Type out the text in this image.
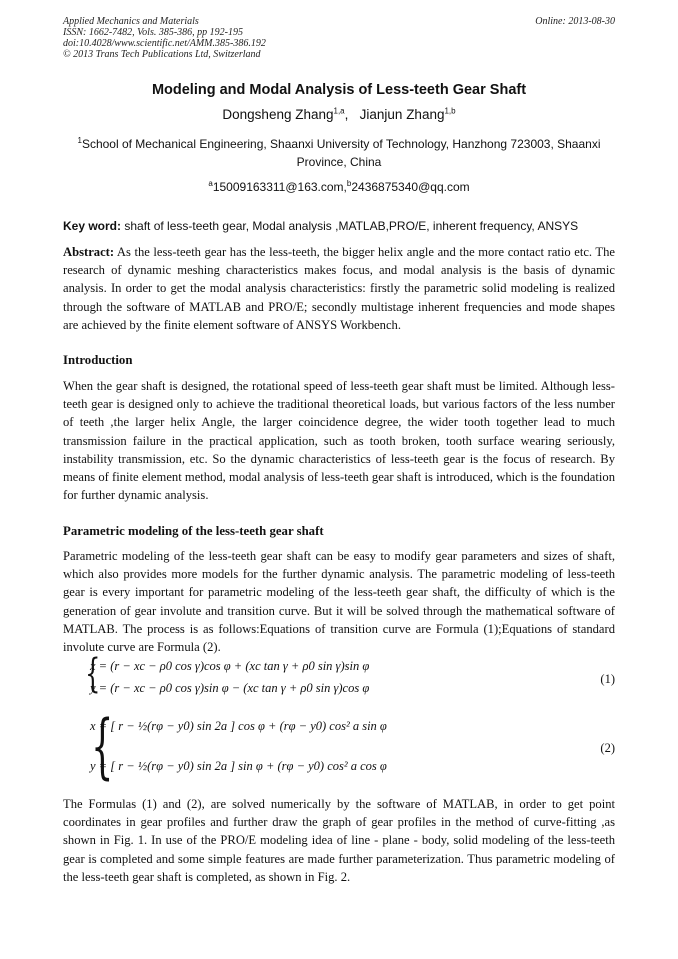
Applied Mechanics and Materials
ISSN: 1662-7482, Vols. 385-386, pp 192-195
doi:10.4028/www.scientific.net/AMM.385-386.192
© 2013 Trans Tech Publications Ltd, Switzerland
Online: 2013-08-30
Modeling and Modal Analysis of Less-teeth Gear Shaft
Dongsheng Zhang$^{1,a}$, Jianjun Zhang$^{1,b}$
$^1$School of Mechanical Engineering, Shaanxi University of Technology, Hanzhong 723003, Shaanxi Province, China
$^a$15009163311@163.com,$^b$2436875340@qq.com
Key word: shaft of less-teeth gear, Modal analysis ,MATLAB,PRO/E, inherent frequency, ANSYS
Abstract: As the less-teeth gear has the less-teeth, the bigger helix angle and the more contact ratio etc. The research of dynamic meshing characteristics makes focus, and modal analysis is the basis of dynamic analysis. In order to get the modal analysis characteristics: firstly the parametric solid modeling is realized through the software of MATLAB and PRO/E; secondly multistage inherent frequencies and mode shapes are achieved by the finite element software of ANSYS Workbench.
Introduction
When the gear shaft is designed, the rotational speed of less-teeth gear shaft must be limited. Although less-teeth gear is designed only to achieve the traditional theoretical loads, but various factors of the less number of teeth ,the larger helix Angle, the larger coincidence degree, the wider tooth together lead to much transmission failure in the practical application, such as tooth broken, tooth surface wearing seriously, instability transmission, etc. So the dynamic characteristics of less-teeth gear is the focus of research. By means of finite element method, modal analysis of less-teeth gear shaft is introduced, which is the foundation for further dynamic analysis.
Parametric modeling of the less-teeth gear shaft
Parametric modeling of the less-teeth gear shaft can be easy to modify gear parameters and sizes of shaft, which also provides more models for the further dynamic analysis. The parametric modeling of less-teeth gear is every important for parametric modeling of the less-teeth gear shaft, the difficulty of which is the generation of gear involute and transition curve. But it will be solved through the mathematical software of MATLAB. The process is as follows:Equations of transition curve are Formula (1);Equations of standard involute curve are Formula (2).
{
x = (r − xc − ρ0 cos γ)cos φ + (xc tan γ + ρ0 sin γ)sin φ
y = (r − xc − ρ0 cos γ)sin φ − (xc tan γ + ρ0 sin γ)cos φ
(1)
{
x = [ r − ½(rφ − y0) sin 2a ] cos φ + (rφ − y0) cos² a sin φ
y = [ r − ½(rφ − y0) sin 2a ] sin φ + (rφ − y0) cos² a cos φ
(2)
The Formulas (1) and (2), are solved numerically by the software of MATLAB, in order to get point coordinates in gear profiles and further draw the graph of gear profiles in the method of curve-fitting ,as shown in Fig. 1. In use of the PRO/E modeling idea of line - plane - body, solid modeling of the less-teeth gear is completed and some simple features are made further parameterization. Thus parametric modeling of the less-teeth gear shaft is completed, as shown in Fig. 2.
